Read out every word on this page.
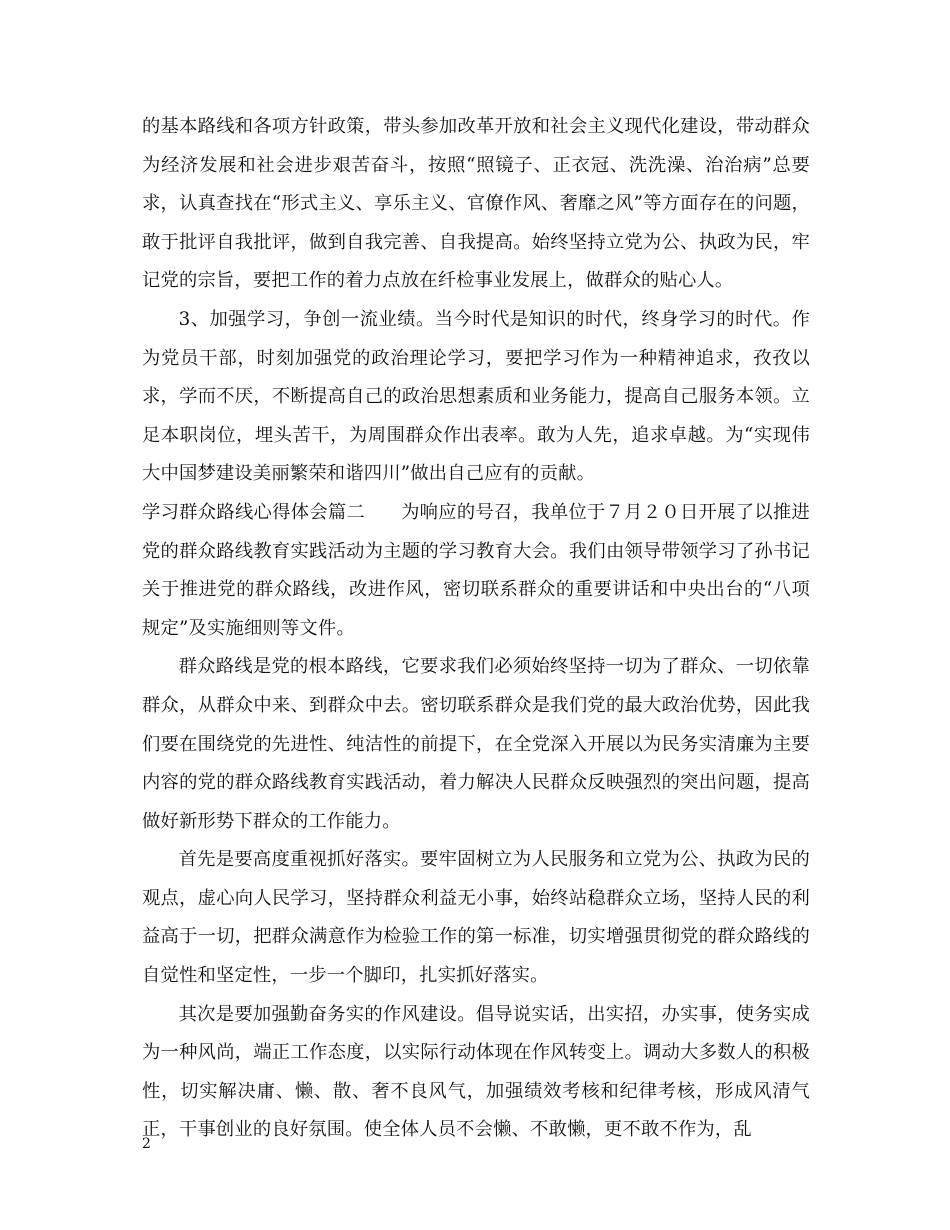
的基本路线和各项方针政策，带头参加改革开放和社会主义现代化建设，带动群众为经济发展和社会进步艰苦奋斗，按照“照镜子、正衣冠、洗洗澡、治治病”总要求，认真查找在“形式主义、享乐主义、官僚作风、奢靡之风”等方面存在的问题，敢于批评自我批评，做到自我完善、自我提高。始终坚持立党为公、执政为民，牢记党的宗旨，要把工作的着力点放在纤检事业发展上，做群众的贴心人。

3、加强学习，争创一流业绩。当今时代是知识的时代，终身学习的时代。作为党员干部，时刻加强党的政治理论学习，要把学习作为一种精神追求，孜孜以求，学而不厌，不断提高自己的政治思想素质和业务能力，提高自己服务本领。立足本职岗位，埋头苦干，为周围群众作出表率。敢为人先，追求卓越。为“实现伟大中国梦建设美丽繁荣和谐四川”做出自己应有的贡献。

学习群众路线心得体会篇二 为响应的号召，我单位于７月２０日开展了以推进党的群众路线教育实践活动为主题的学习教育大会。我们由领导带领学习了孙书记关于推进党的群众路线，改进作风，密切联系群众的重要讲话和中央出台的“八项规定”及实施细则等文件。

群众路线是党的根本路线，它要求我们必须始终坚持一切为了群众、一切依靠群众，从群众中来、到群众中去。密切联系群众是我们党的最大政治优势，因此我们要在围绕党的先进性、纯洁性的前提下，在全党深入开展以为民务实清廉为主要内容的党的群众路线教育实践活动，着力解决人民群众反映强烈的突出问题，提高做好新形势下群众的工作能力。

首先是要高度重视抓好落实。要牢固树立为人民服务和立党为公、执政为民的观点，虚心向人民学习，坚持群众利益无小事，始终站稳群众立场，坚持人民的利益高于一切，把群众满意作为检验工作的第一标准，切实增强贯彻党的群众路线的自觉性和坚定性，一步一个脚印，扎实抓好落实。

其次是要加强勤奋务实的作风建设。倡导说实话，出实招，办实事，使务实成为一种风尚，端正工作态度，以实际行动体现在作风转变上。调动大多数人的积极性，切实解决庸、懒、散、奢不良风气，加强绩效考核和纪律考核，形成风清气正，干事创业的良好氛围。使全体人员不会懒、不敢懒，更不敢不作为，乱

2
